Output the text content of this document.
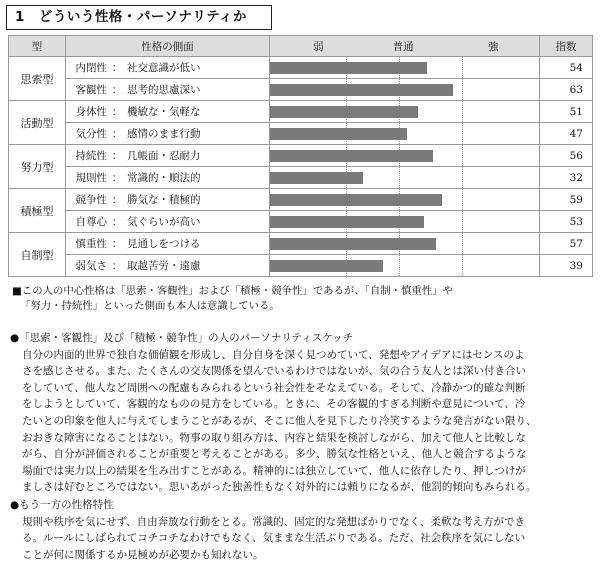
1 どういう性格・パーソナリティか
型	性格の側面	弱 普通 強	指数
思索型	内閉性 ： 社交意識が低い		54
	客観性 ： 思考的思慮深い		63
活動型	身体性 ： 機敏な・気軽な		51
	気分性 ： 感情のまま行動		47
努力型	持続性 ： 几帳面・忍耐力		56
	規則性 ： 常識的・順法的		32
積極型	競争性 ： 勝気な・積極的		59
	自尊心 ： 気ぐらいが高い		53
自制型	慎重性 ： 見通しをつける		57
	弱気さ ： 取越苦労・遠慮		39
■この人の中心性格は「思索・客観性」および「積極・競争性」であるが、「自制・慎重性」や
「努力・持続性」といった側面も本人は意識している。
●「思索・客観性」及び「積極・競争性」の人のパーソナリティスケッチ
自分の内面的世界で独自な価値観を形成し、自分自身を深く見つめていて、発想やアイデアにはセンスのよ
さを感じさせる。また、たくさんの交友関係を望んでいるわけではないが、気の合う友人とは深い付き合い
をしていて、他人など周囲への配慮もみられるという社会性をそなえている。そして、冷静かつ的確な判断
をしようとしていて、客観的なものの見方をしている。ときに、その客観的すぎる判断や意見について、冷
たいとの印象を他人に与えてしまうことがあるが、そこに他人を見下したり冷笑するような発言がない限り、
おおきな障害になることはない。物事の取り組み方は、内容と結果を検討しながら、加えて他人と比較しな
がら、自分が評価されることが重要と考えることがある。多少、勝気な性格といえ、他人と競合するような
場面では実力以上の結果を生み出すことがある。精神的には独立していて、他人に依存したり、押しつけが
ましさは好むところではない。思いあがった独善性もなく対外的には頼りになるが、他罰的傾向もみられる。
●もう一方の性格特性
規則や秩序を気にせず、自由奔放な行動をとる。常識的、固定的な発想ばかりでなく、柔軟な考え方ができ
る。ルールにしばられてコチコチなわけでもなく、気ままな生活ぶりである。ただ、社会秩序を気にしない
ことが何に関係するか見極めが必要かも知れない。
